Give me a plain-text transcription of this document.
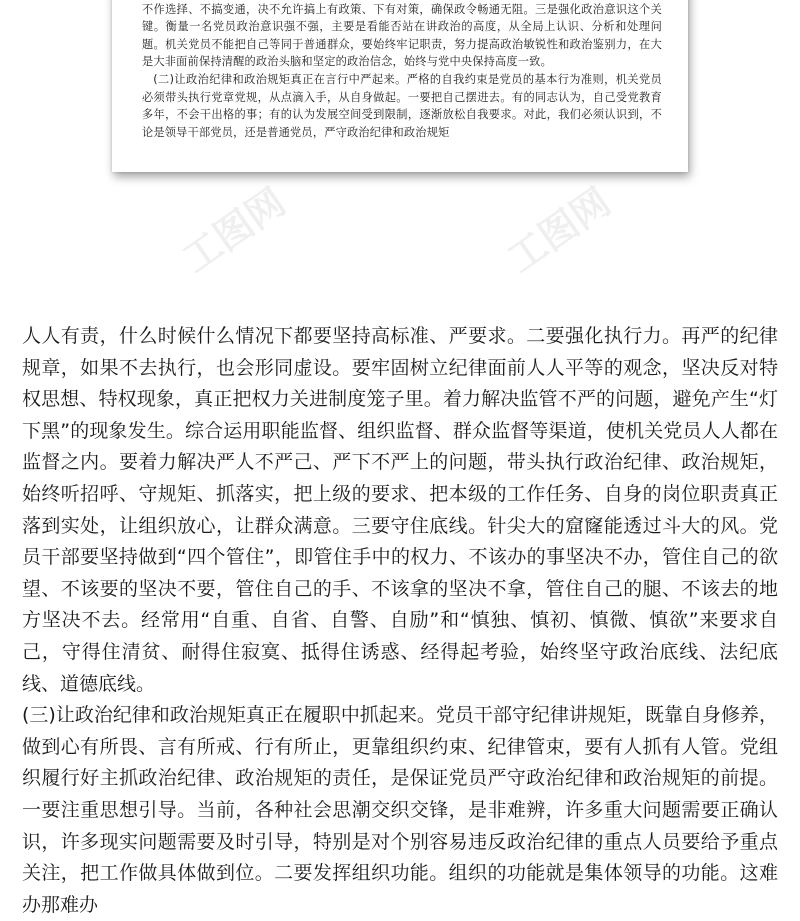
不作选择、不搞变通，决不允许搞上有政策、下有对策，确保政令畅通无阻。三是强化政治意识这个关键。衡量一名党员政治意识强不强，主要是看能否站在讲政治的高度，从全局上认识、分析和处理问题。机关党员不能把自己等同于普通群众，要始终牢记职责，努力提高政治敏锐性和政治鉴别力，在大是大非面前保持清醒的政治头脑和坚定的政治信念，始终与党中央保持高度一致。

(二)让政治纪律和政治规矩真正在言行中严起来。严格的自我约束是党员的基本行为准则，机关党员必须带头执行党章党规，从点滴入手，从自身做起。一要把自己摆进去。有的同志认为，自己受党教育多年，不会干出格的事；有的认为发展空间受到限制，逐渐放松自我要求。对此，我们必须认识到，不论是领导干部党员，还是普通党员，严守政治纪律和政治规矩

工图网	工图网

人人有责，什么时候什么情况下都要坚持高标准、严要求。二要强化执行力。再严的纪律规章，如果不去执行，也会形同虚设。要牢固树立纪律面前人人平等的观念，坚决反对特权思想、特权现象，真正把权力关进制度笼子里。着力解决监管不严的问题，避免产生“灯下黑”的现象发生。综合运用职能监督、组织监督、群众监督等渠道，使机关党员人人都在监督之内。要着力解决严人不严己、严下不严上的问题，带头执行政治纪律、政治规矩，始终听招呼、守规矩、抓落实，把上级的要求、把本级的工作任务、自身的岗位职责真正落到实处，让组织放心，让群众满意。三要守住底线。针尖大的窟窿能透过斗大的风。党员干部要坚持做到“四个管住”，即管住手中的权力、不该办的事坚决不办，管住自己的欲望、不该要的坚决不要，管住自己的手、不该拿的坚决不拿，管住自己的腿、不该去的地方坚决不去。经常用“自重、自省、自警、自励”和“慎独、慎初、慎微、慎欲”来要求自己，守得住清贫、耐得住寂寞、抵得住诱惑、经得起考验，始终坚守政治底线、法纪底线、道德底线。

(三)让政治纪律和政治规矩真正在履职中抓起来。党员干部守纪律讲规矩，既靠自身修养，做到心有所畏、言有所戒、行有所止，更靠组织约束、纪律管束，要有人抓有人管。党组织履行好主抓政治纪律、政治规矩的责任，是保证党员严守政治纪律和政治规矩的前提。一要注重思想引导。当前，各种社会思潮交织交锋，是非难辨，许多重大问题需要正确认识，许多现实问题需要及时引导，特别是对个别容易违反政治纪律的重点人员要给予重点关注，把工作做具体做到位。二要发挥组织功能。组织的功能就是集体领导的功能。这难办那难办
